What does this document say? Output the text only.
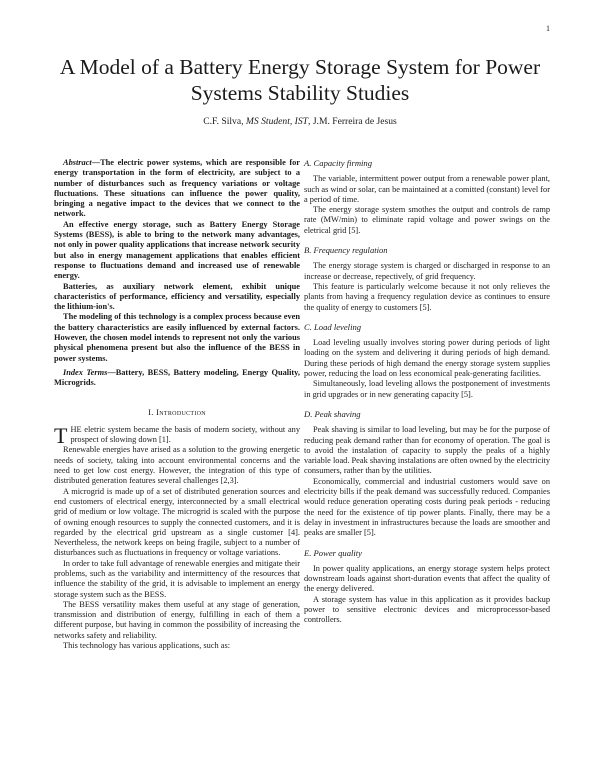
1
A Model of a Battery Energy Storage System for Power Systems Stability Studies
C.F. Silva, MS Student, IST, J.M. Ferreira de Jesus

Abstract—The electric power systems, which are responsible for energy transportation in the form of electricity, are subject to a number of disturbances such as frequency variations or voltage fluctuations. These situations can influence the power quality, bringing a negative impact to the devices that we connect to the network.

An effective energy storage, such as Battery Energy Storage Systems (BESS), is able to bring to the network many advantages, not only in power quality applications that increase network security but also in energy management applications that enables efficient response to fluctuations demand and increased use of renewable energy.

Batteries, as auxiliary network element, exhibit unique characteristics of performance, efficiency and versatility, especially the lithium-ion's.

The modeling of this technology is a complex process because even the battery characteristics are easily influenced by external factors. However, the chosen model intends to represent not only the various physical phenomena present but also the influence of the BESS in power systems.

Index Terms—Battery, BESS, Battery modeling, Energy Quality, Microgrids.

I. Introduction

THE eletric system became the basis of modern society, without any prospect of slowing down [1].

Renewable energies have arised as a solution to the growing energetic needs of society, taking into account environmental concerns and the need to get low cost energy. However, the integration of this type of distributed generation features several challenges [2,3].

A microgrid is made up of a set of distributed generation sources and end customers of electrical energy, interconnected by a small electrical grid of medium or low voltage. The microgrid is scaled with the purpose of owning enough resources to supply the connected customers, and it is regarded by the electrical grid upstream as a single customer [4]. Nevertheless, the network keeps on being fragile, subject to a number of disturbances such as fluctuations in frequency or voltage variations.

In order to take full advantage of renewable energies and mitigate their problems, such as the variability and intermittency of the resources that influence the stability of the grid, it is advisable to implement an energy storage system such as the BESS.

The BESS versatility makes them useful at any stage of generation, transmission and distribution of energy, fulfilling in each of them a different purpose, but having in common the possibility of increasing the networks safety and reliability.

This technology has various applications, such as:

A. Capacity firming

The variable, intermittent power output from a renewable power plant, such as wind or solar, can be maintained at a comitted (constant) level for a period of time.

The energy storage system smothes the output and controls de ramp rate (MW/min) to eliminate rapid voltage and power swings on the eletrical grid [5].

B. Frequency regulation

The energy storage system is charged or discharged in response to an increase or decrease, repectively, of grid frequency.

This feature is particularly welcome because it not only relieves the plants from having a frequency regulation device as continues to ensure the quality of energy to customers [5].

C. Load leveling

Load leveling usually involves storing power during periods of light loading on the system and delivering it during periods of high demand. During these periods of high demand the energy storage system supplies power, reducing the load on less economical peak-generating facilities.

Simultaneously, load leveling allows the postponement of investments in grid upgrades or in new generating capacity [5].

D. Peak shaving

Peak shaving is similar to load leveling, but may be for the purpose of reducing peak demand rather than for economy of operation. The goal is to avoid the instalation of capacity to supply the peaks of a highly variable load. Peak shaving instalations are often owned by the electricity consumers, rather than by the utilities.

Economically, commercial and industrial customers would save on electricity bills if the peak demand was successfully reduced. Companies would reduce generation operating costs during peak periods - reducing the need for the existence of tip power plants. Finally, there may be a delay in investment in infrastructures because the loads are smoother and peaks are smaller [5].

E. Power quality

In power quality applications, an energy storage system helps protect downstream loads against short-duration events that affect the quality of the energy delivered.

A storage system has value in this application as it provides backup power to sensitive electronic devices and microprocessor-based controllers.
